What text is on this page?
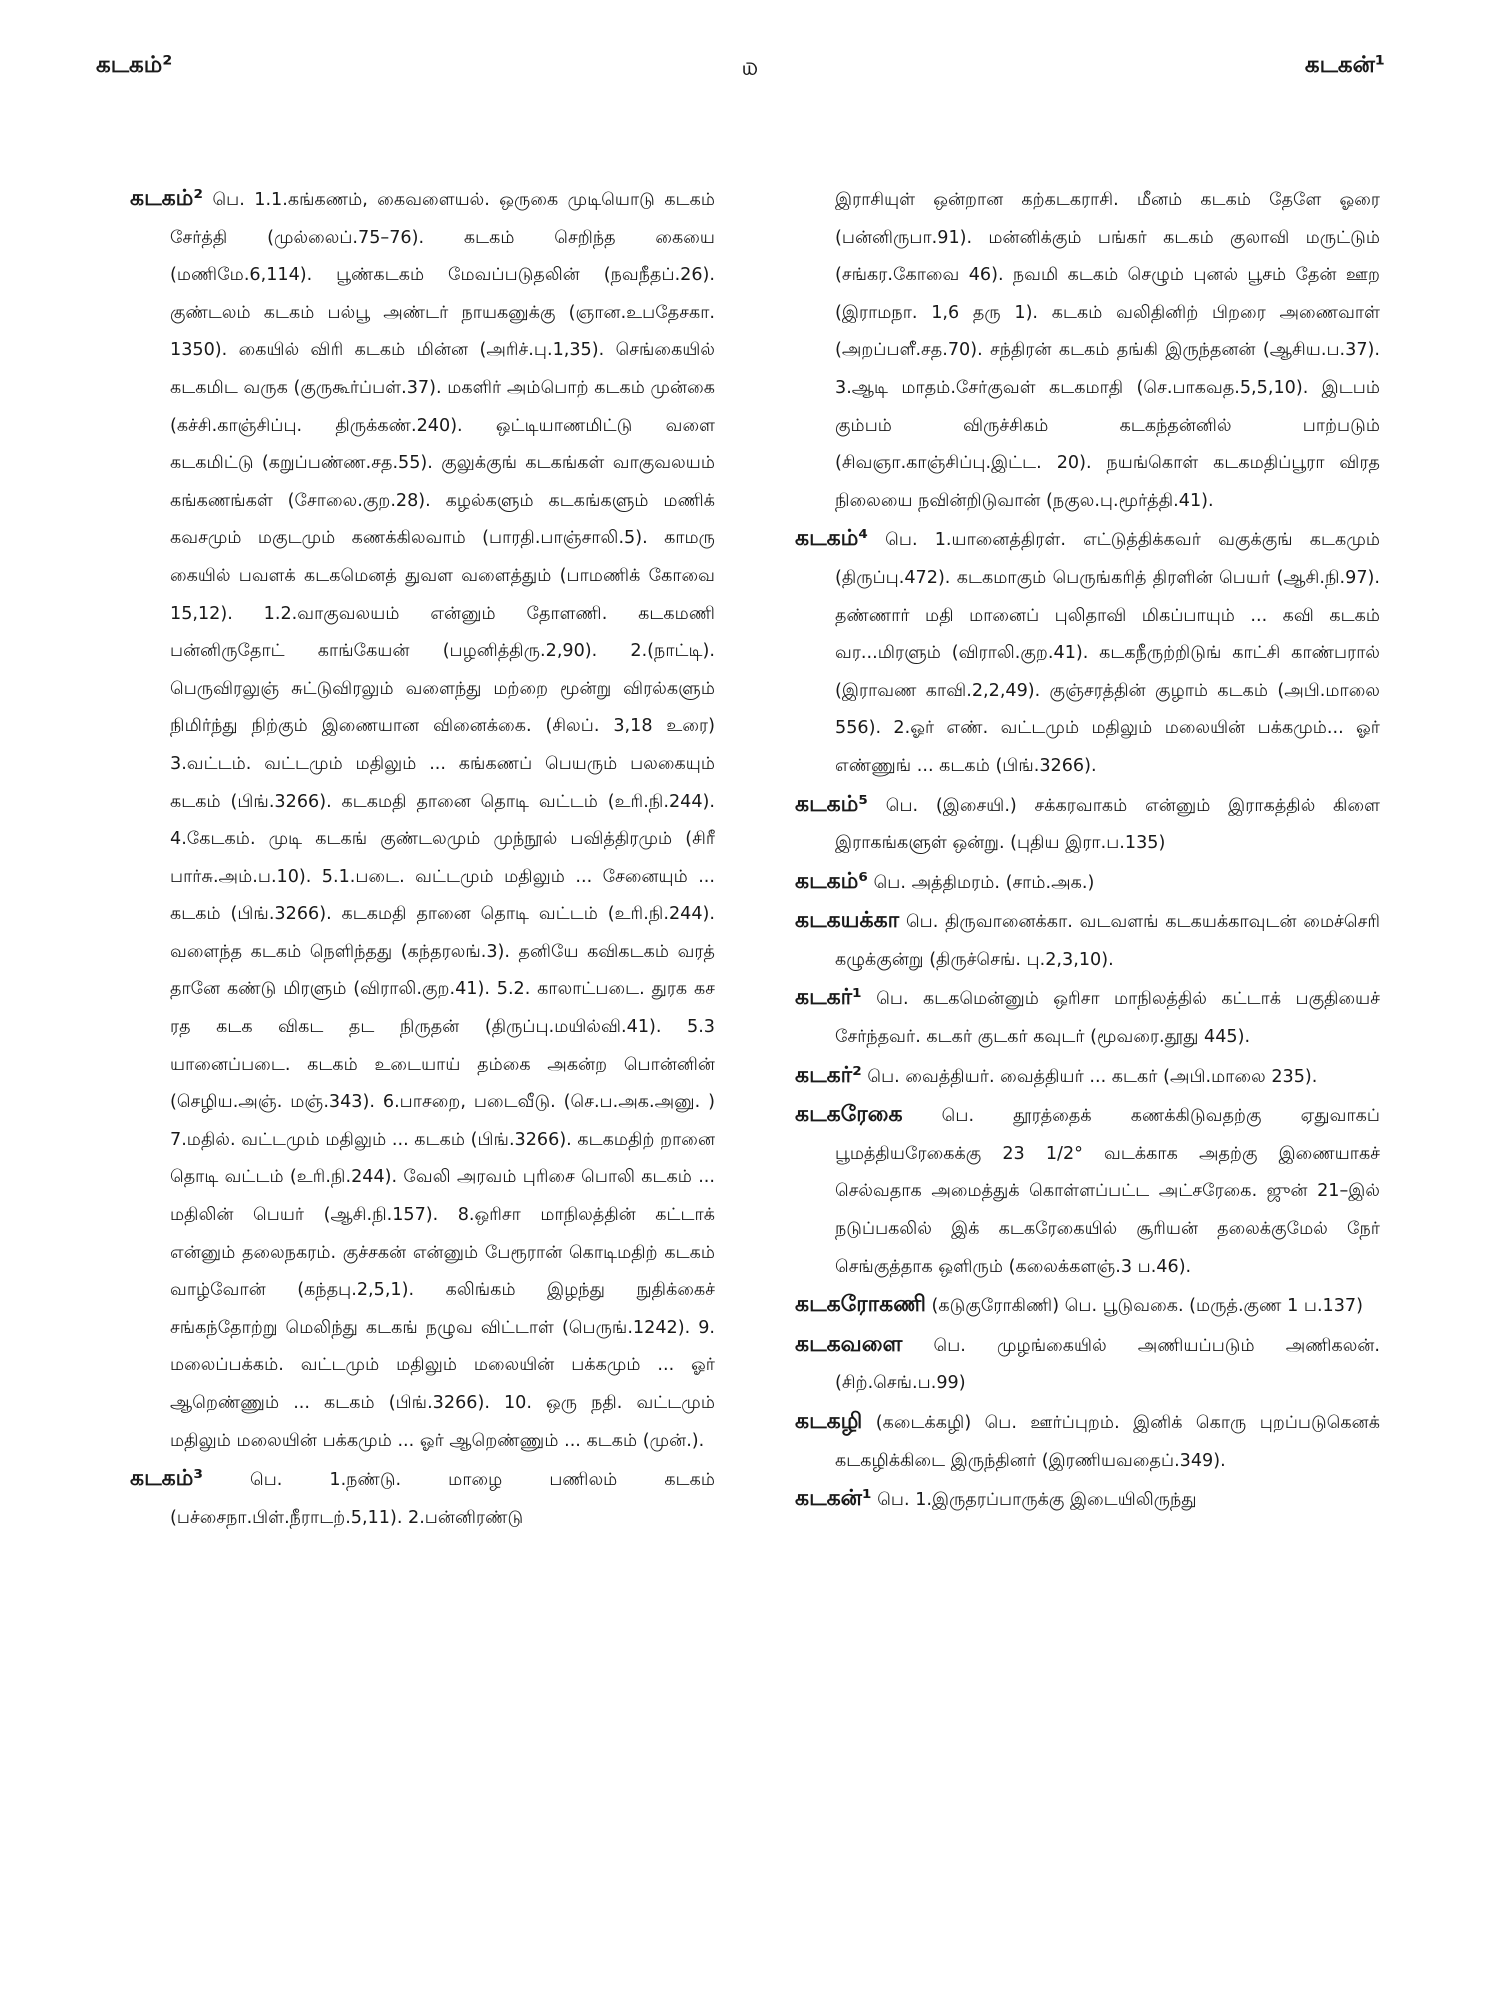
கடகம்²	௰	கடகன்¹

கடகம்² பெ. 1.1.கங்கணம், கைவளையல். ஒருகை முடியொடு கடகம் சேர்த்தி (முல்லைப்.75–76). கடகம் செறிந்த கையை (மணிமே.6,114). பூண்கடகம் மேவப்படுதலின் (நவநீதப்.26). குண்டலம் கடகம் பல்பூ அண்டர் நாயகனுக்கு (ஞான.உபதேசகா. 1350). கையில் விரி கடகம் மின்ன (அரிச்.பு.1,35). செங்கையில் கடகமிட வருக (குருகூர்ப்பள்.37). மகளிர் அம்பொற் கடகம் முன்கை (கச்சி.காஞ்சிப்பு. திருக்கண்.240). ஒட்டியாணமிட்டு வளை கடகமிட்டு (கறுப்பண்ண.சத.55). குலுக்குங் கடகங்கள் வாகுவலயம் கங்கணங்கள் (சோலை.குற.28). கழல்களும் கடகங்களும் மணிக் கவசமும் மகுடமும் கணக்கிலவாம் (பாரதி.பாஞ்சாலி.5). காமரு கையில் பவளக் கடகமெனத் துவள வளைத்தும் (பாமணிக் கோவை 15,12). 1.2.வாகுவலயம் என்னும் தோளணி. கடகமணி பன்னிருதோட் காங்கேயன் (பழனித்திரு.2,90). 2.(நாட்டி). பெருவிரலுஞ் சுட்டுவிரலும் வளைந்து மற்றை மூன்று விரல்களும் நிமிர்ந்து நிற்கும் இணையான வினைக்கை. (சிலப். 3,18 உரை) 3.வட்டம். வட்டமும் மதிலும் ... கங்கணப் பெயரும் பலகையும் கடகம் (பிங்.3266). கடகமதி தானை தொடி வட்டம் (உரி.நி.244). 4.கேடகம். முடி கடகங் குண்டலமும் முந்நூல் பவித்திரமும் (சிரீ பார்சு.அம்.ப.10). 5.1.படை. வட்டமும் மதிலும் ... சேனையும் ... கடகம் (பிங்.3266). கடகமதி தானை தொடி வட்டம் (உரி.நி.244). வளைந்த கடகம் நெளிந்தது (கந்தரலங்.3). தனியே கவிகடகம் வரத் தானே கண்டு மிரளும் (விராலி.குற.41). 5.2. காலாட்படை. துரக கச ரத கடக விகட தட நிருதன் (திருப்பு.மயில்வி.41). 5.3 யானைப்படை. கடகம் உடையாய் தம்கை அகன்ற பொன்னின் (செழிய.அஞ். மஞ்.343). 6.பாசறை, படைவீடு. (செ.ப.அக.அனு. ) 7.மதில். வட்டமும் மதிலும் ... கடகம் (பிங்.3266). கடகமதிற் றானை தொடி வட்டம் (உரி.நி.244). வேலி அரவம் புரிசை பொலி கடகம் ... மதிலின் பெயர் (ஆசி.நி.157). 8.ஒரிசா மாநிலத்தின் கட்டாக் என்னும் தலைநகரம். குச்சகன் என்னும் பேரூரான் கொடிமதிற் கடகம் வாழ்வோன் (கந்தபு.2,5,1). கலிங்கம் இழந்து நுதிக்கைச் சங்கந்தோற்று மெலிந்து கடகங் நழுவ விட்டாள் (பெருங்.1242). 9. மலைப்பக்கம். வட்டமும் மதிலும் மலையின் பக்கமும் ... ஓர் ஆறெண்ணும் ... கடகம் (பிங்.3266). 10. ஒரு நதி. வட்டமும் மதிலும் மலையின் பக்கமும் ... ஓர் ஆறெண்ணும் ... கடகம் (முன்.).

கடகம்³	பெ. 1.நண்டு. மாழை பணிலம் கடகம் (பச்சைநா.பிள்.நீராடற்.5,11). 2.பன்னிரண்டு

இராசியுள் ஒன்றான கற்கடகராசி. மீனம் கடகம் தேளே ஓரை (பன்னிருபா.91). மன்னிக்கும் பங்கர் கடகம் குலாவி மருட்டும் (சங்கர.கோவை 46). நவமி கடகம் செழும் புனல் பூசம் தேன் ஊற (இராமநா. 1,6 தரு 1). கடகம் வலிதினிற் பிறரை அணைவாள் (அறப்பளீ.சத.70). சந்திரன் கடகம் தங்கி இருந்தனன் (ஆசிய.ப.37). 3.ஆடி மாதம்.சேர்குவள் கடகமாதி (செ.பாகவத.5,5,10). இடபம் கும்பம் விருச்சிகம் கடகந்தன்னில் பாற்படும் (சிவஞா.காஞ்சிப்பு.இட்ட. 20). நயங்கொள் கடகமதிப்பூரா விரத நிலையை நவின்றிடுவான் (நகுல.பு.மூர்த்தி.41).

கடகம்⁴ பெ. 1.யானைத்திரள். எட்டுத்திக்கவர் வகுக்குங் கடகமும் (திருப்பு.472). கடகமாகும் பெருங்கரித் திரளின் பெயர் (ஆசி.நி.97). தண்ணார் மதி மானைப் புலிதாவி மிகப்பாயும் ... கவி கடகம் வர...மிரளும் (விராலி.குற.41). கடகநீருற்றிடுங் காட்சி காண்பரால் (இராவண காவி.2,2,49). குஞ்சரத்தின் குழாம் கடகம் (அபி.மாலை 556). 2.ஓர் எண். வட்டமும் மதிலும் மலையின் பக்கமும்... ஓர் எண்ணுங் ... கடகம் (பிங்.3266).

கடகம்⁵ பெ. (இசையி.) சக்கரவாகம் என்னும் இராகத்தில் கிளை இராகங்களுள் ஒன்று. (புதிய இரா.ப.135)

கடகம்⁶ பெ. அத்திமரம். (சாம்.அக.)

கடகயக்கா பெ. திருவானைக்கா. வடவளங் கடகயக்காவுடன் மைச்செரி கழுக்குன்று (திருச்செங். பு.2,3,10).

கடகர்¹ பெ. கடகமென்னும் ஒரிசா மாநிலத்தில் கட்டாக் பகுதியைச் சேர்ந்தவர். கடகர் குடகர் கவுடர் (மூவரை.தூது 445).

கடகர்² பெ. வைத்தியர். வைத்தியர் ... கடகர் (அபி.மாலை 235).

கடகரேகை பெ. தூரத்தைக் கணக்கிடுவதற்கு ஏதுவாகப் பூமத்தியரேகைக்கு 23 1/2° வடக்காக அதற்கு இணையாகச் செல்வதாக அமைத்துக் கொள்ளப்பட்ட அட்சரேகை. ஜுன் 21–இல் நடுப்பகலில் இக் கடகரேகையில் சூரியன் தலைக்குமேல் நேர் செங்குத்தாக ஒளிரும் (கலைக்களஞ்.3 ப.46).

கடகரோகணி (கடுகுரோகிணி) பெ. பூடுவகை. (மருத்.குண 1 ப.137)

கடகவளை பெ. முழங்கையில் அணியப்படும் அணிகலன். (சிற்.செங்.ப.99)

கடகழி (கடைக்கழி) பெ. ஊர்ப்புறம். இனிக் கொரு புறப்படுகெனக் கடகழிக்கிடை இருந்தினர் (இரணியவதைப்.349).

கடகன்¹ பெ. 1.இருதரப்பாருக்கு இடையிலிருந்து
